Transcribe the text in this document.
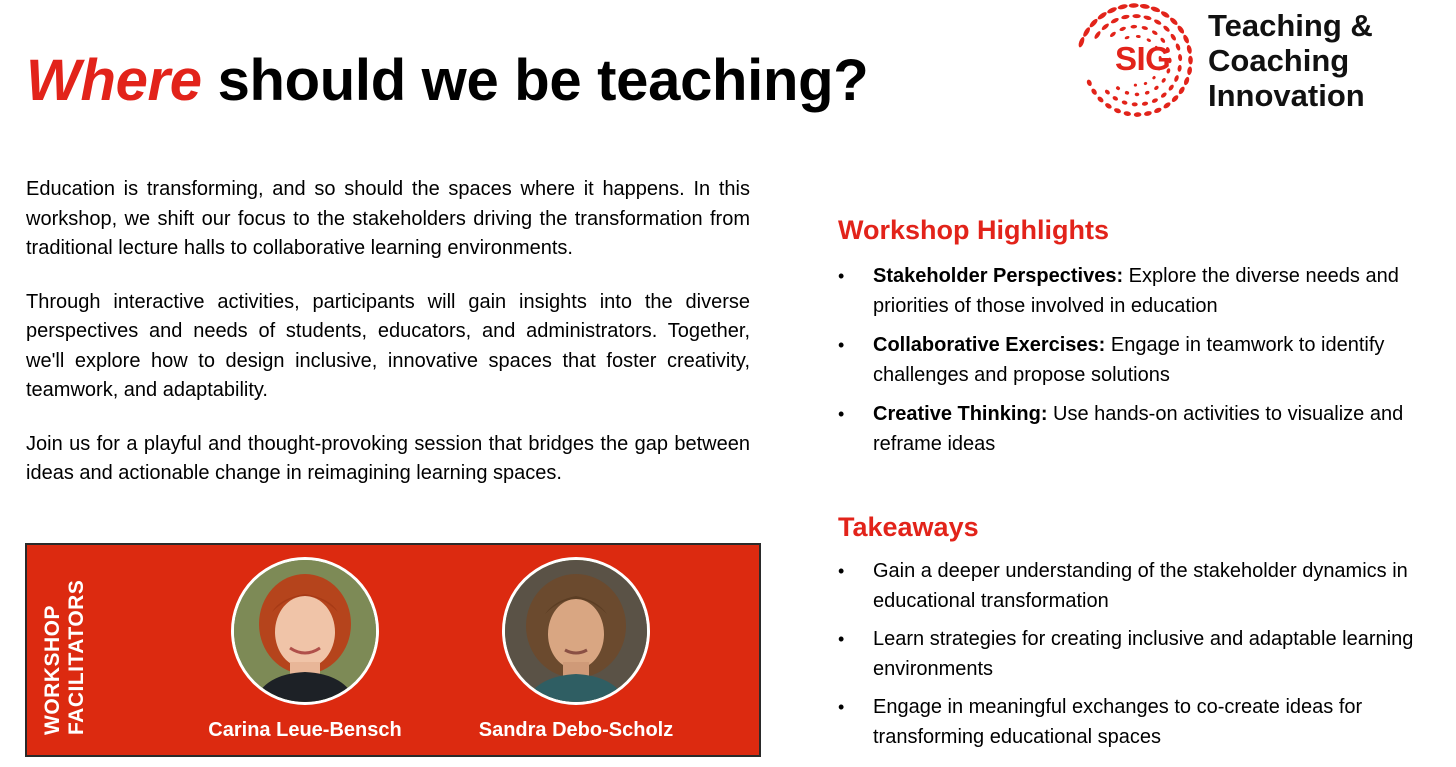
Where should we be teaching?	SIG
Teaching &
Coaching
Innovation

Education is transforming, and so should the spaces where it happens. In this workshop, we shift our focus to the stakeholders driving the transformation from traditional lecture halls to collaborative learning environments.

Through interactive activities, participants will gain insights into the diverse perspectives and needs of students, educators, and administrators. Together, we'll explore how to design inclusive, innovative spaces that foster creativity, teamwork, and adaptability.

Join us for a playful and thought-provoking session that bridges the gap between ideas and actionable change in reimagining learning spaces.

WORKSHOP FACILITATORS	Carina Leue-Bensch	Sandra Debo-Scholz
Workshop Highlights
• Stakeholder Perspectives: Explore the diverse needs and priorities of those involved in education
• Collaborative Exercises: Engage in teamwork to identify challenges and propose solutions
• Creative Thinking: Use hands-on activities to visualize and reframe ideas
Takeaways
• Gain a deeper understanding of the stakeholder dynamics in educational transformation
• Learn strategies for creating inclusive and adaptable learning environments
• Engage in meaningful exchanges to co-create ideas for transforming educational spaces
